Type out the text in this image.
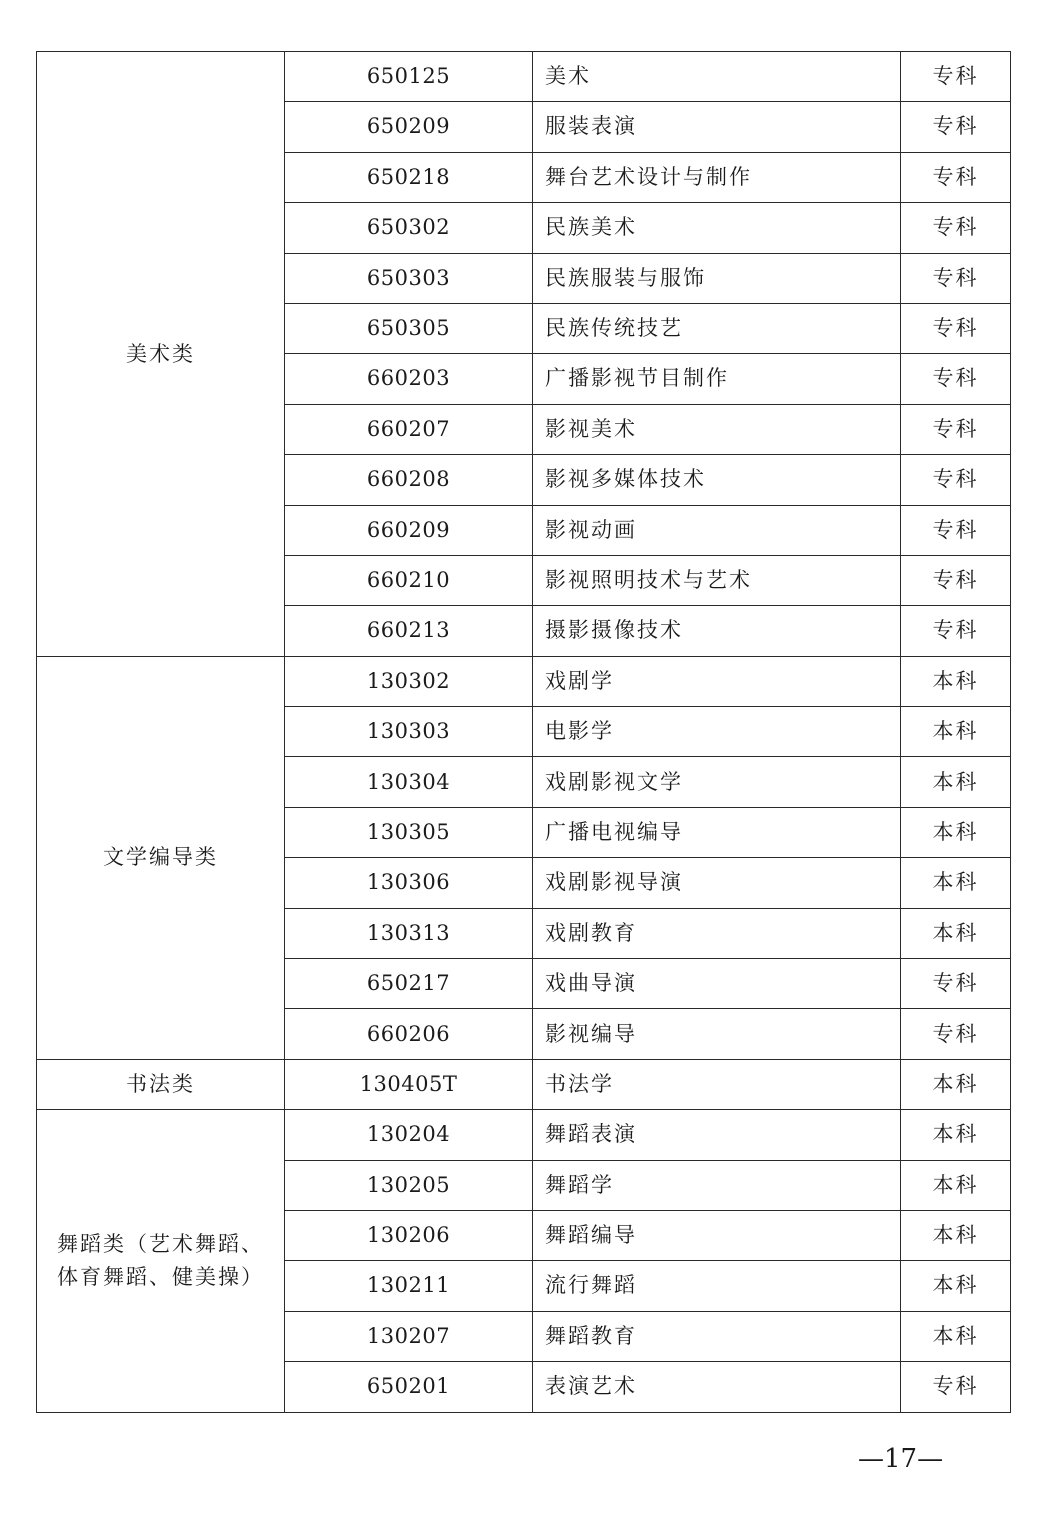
美术类	650125	美术	专科
	650209	服装表演	专科
	650218	舞台艺术设计与制作	专科
	650302	民族美术	专科
	650303	民族服装与服饰	专科
	650305	民族传统技艺	专科
	660203	广播影视节目制作	专科
	660207	影视美术	专科
	660208	影视多媒体技术	专科
	660209	影视动画	专科
	660210	影视照明技术与艺术	专科
	660213	摄影摄像技术	专科
文学编导类	130302	戏剧学	本科
	130303	电影学	本科
	130304	戏剧影视文学	本科
	130305	广播电视编导	本科
	130306	戏剧影视导演	本科
	130313	戏剧教育	本科
	650217	戏曲导演	专科
	660206	影视编导	专科
书法类	130405T	书法学	本科
舞蹈类（艺术舞蹈、
体育舞蹈、健美操）	130204	舞蹈表演	本科
	130205	舞蹈学	本科
	130206	舞蹈编导	本科
	130211	流行舞蹈	本科
	130207	舞蹈教育	本科
	650201	表演艺术	专科
—17—
